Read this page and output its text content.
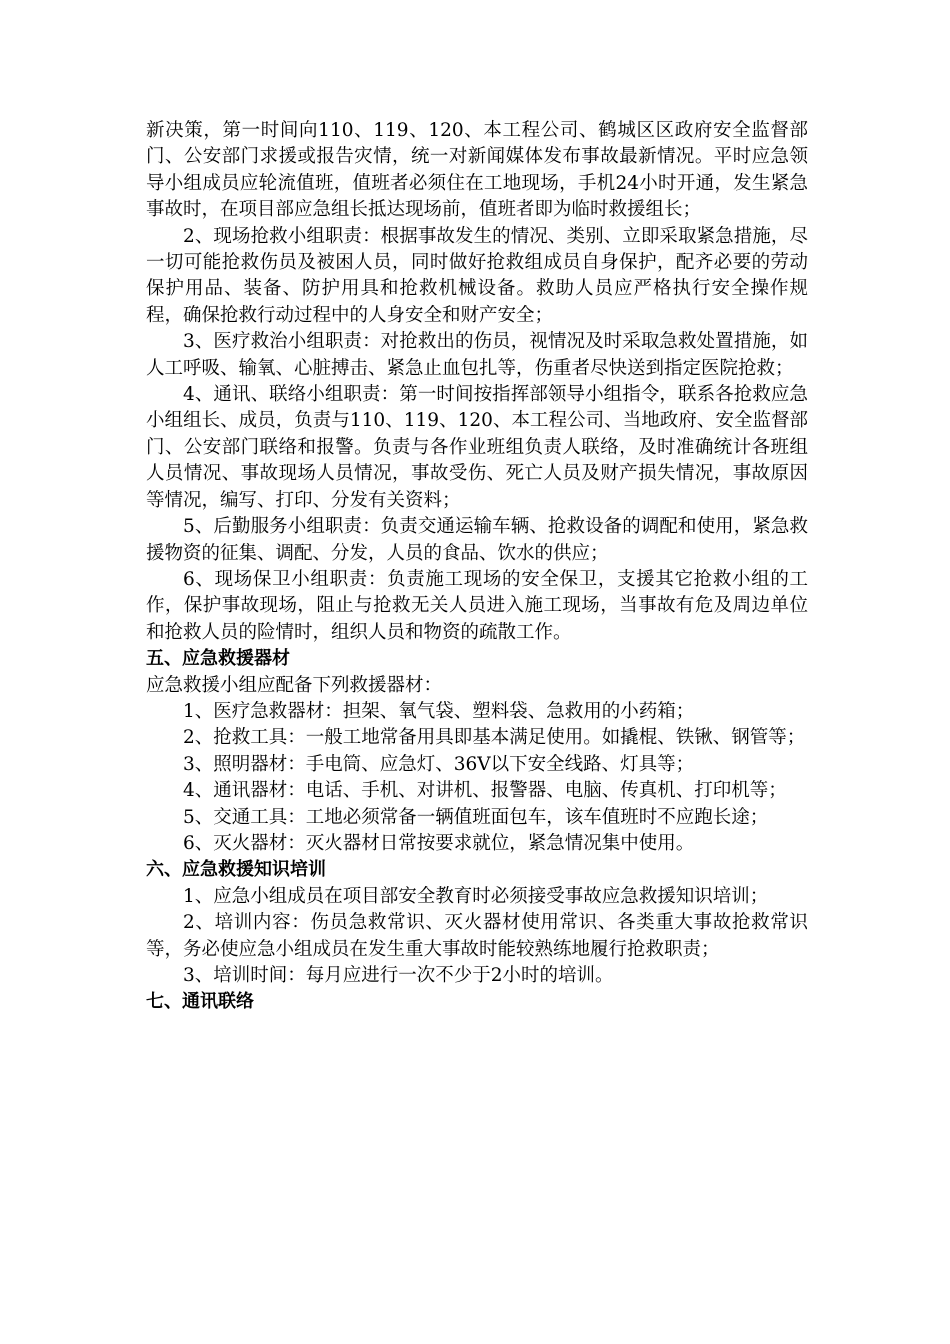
新决策，第一时间向110、119、120、本工程公司、鹤城区区政府安全监督部门、公安部门求援或报告灾情，统一对新闻媒体发布事故最新情况。平时应急领导小组成员应轮流值班，值班者必须住在工地现场，手机24小时开通，发生紧急事故时，在项目部应急组长抵达现场前，值班者即为临时救援组长；

2、现场抢救小组职责：根据事故发生的情况、类别、立即采取紧急措施，尽一切可能抢救伤员及被困人员，同时做好抢救组成员自身保护，配齐必要的劳动保护用品、装备、防护用具和抢救机械设备。救助人员应严格执行安全操作规程，确保抢救行动过程中的人身安全和财产安全；

3、医疗救治小组职责：对抢救出的伤员，视情况及时采取急救处置措施，如人工呼吸、输氧、心脏搏击、紧急止血包扎等，伤重者尽快送到指定医院抢救；

4、通讯、联络小组职责：第一时间按指挥部领导小组指令，联系各抢救应急小组组长、成员，负责与110、119、120、本工程公司、当地政府、安全监督部门、公安部门联络和报警。负责与各作业班组负责人联络，及时准确统计各班组人员情况、事故现场人员情况，事故受伤、死亡人员及财产损失情况，事故原因等情况，编写、打印、分发有关资料；

5、后勤服务小组职责：负责交通运输车辆、抢救设备的调配和使用，紧急救援物资的征集、调配、分发，人员的食品、饮水的供应；

6、现场保卫小组职责：负责施工现场的安全保卫，支援其它抢救小组的工作，保护事故现场，阻止与抢救无关人员进入施工现场，当事故有危及周边单位和抢救人员的险情时，组织人员和物资的疏散工作。

五、应急救援器材

应急救援小组应配备下列救援器材：

1、医疗急救器材：担架、氧气袋、塑料袋、急救用的小药箱；

2、抢救工具：一般工地常备用具即基本满足使用。如撬棍、铁锹、钢管等；

3、照明器材：手电筒、应急灯、36V以下安全线路、灯具等；

4、通讯器材：电话、手机、对讲机、报警器、电脑、传真机、打印机等；

5、交通工具：工地必须常备一辆值班面包车，该车值班时不应跑长途；

6、灭火器材：灭火器材日常按要求就位，紧急情况集中使用。

六、应急救援知识培训

1、应急小组成员在项目部安全教育时必须接受事故应急救援知识培训；

2、培训内容：伤员急救常识、灭火器材使用常识、各类重大事故抢救常识等，务必使应急小组成员在发生重大事故时能较熟练地履行抢救职责；

3、培训时间：每月应进行一次不少于2小时的培训。

七、通讯联络
